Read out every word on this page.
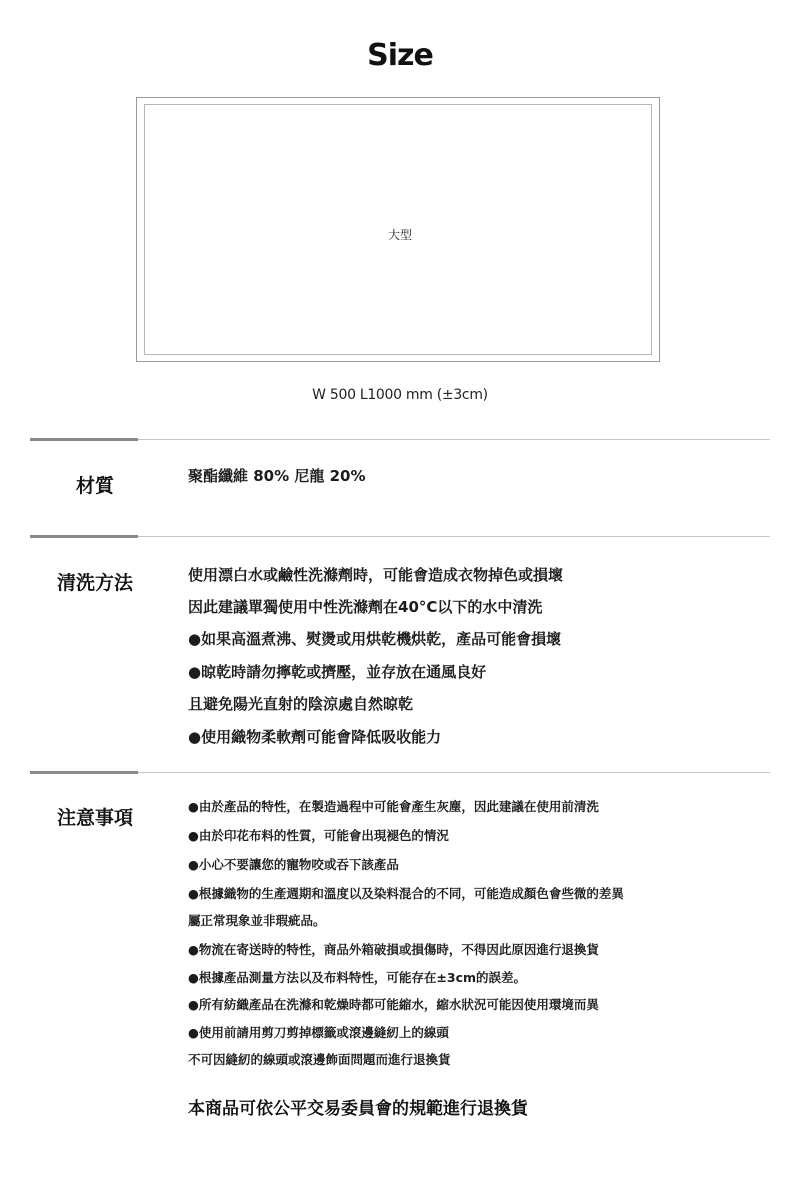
Size
大型
W 500 L1000 mm (±3cm)
材質	聚酯纖維 80% 尼龍 20%
清洗方法	使用漂白水或鹼性洗滌劑時，可能會造成衣物掉色或損壞
因此建議單獨使用中性洗滌劑在40°C以下的水中清洗
●如果高溫煮沸、熨燙或用烘乾機烘乾，產品可能會損壞
●晾乾時請勿擰乾或擠壓，並存放在通風良好
且避免陽光直射的陰涼處自然晾乾
●使用織物柔軟劑可能會降低吸收能力
注意事項
●由於產品的特性，在製造過程中可能會產生灰塵，因此建議在使用前清洗
●由於印花布料的性質，可能會出現褪色的情況
●小心不要讓您的寵物咬或吞下該產品
●根據織物的生產週期和溫度以及染料混合的不同，可能造成顏色會些微的差異
屬正常現象並非瑕疵品。
●物流在寄送時的特性，商品外箱破損或損傷時，不得因此原因進行退換貨
●根據產品測量方法以及布料特性，可能存在±3cm的誤差。
●所有紡織產品在洗滌和乾燥時都可能縮水，縮水狀況可能因使用環境而異
●使用前請用剪刀剪掉標籤或滾邊縫紉上的線頭
不可因縫紉的線頭或滾邊飾面問題而進行退換貨
本商品可依公平交易委員會的規範進行退換貨
